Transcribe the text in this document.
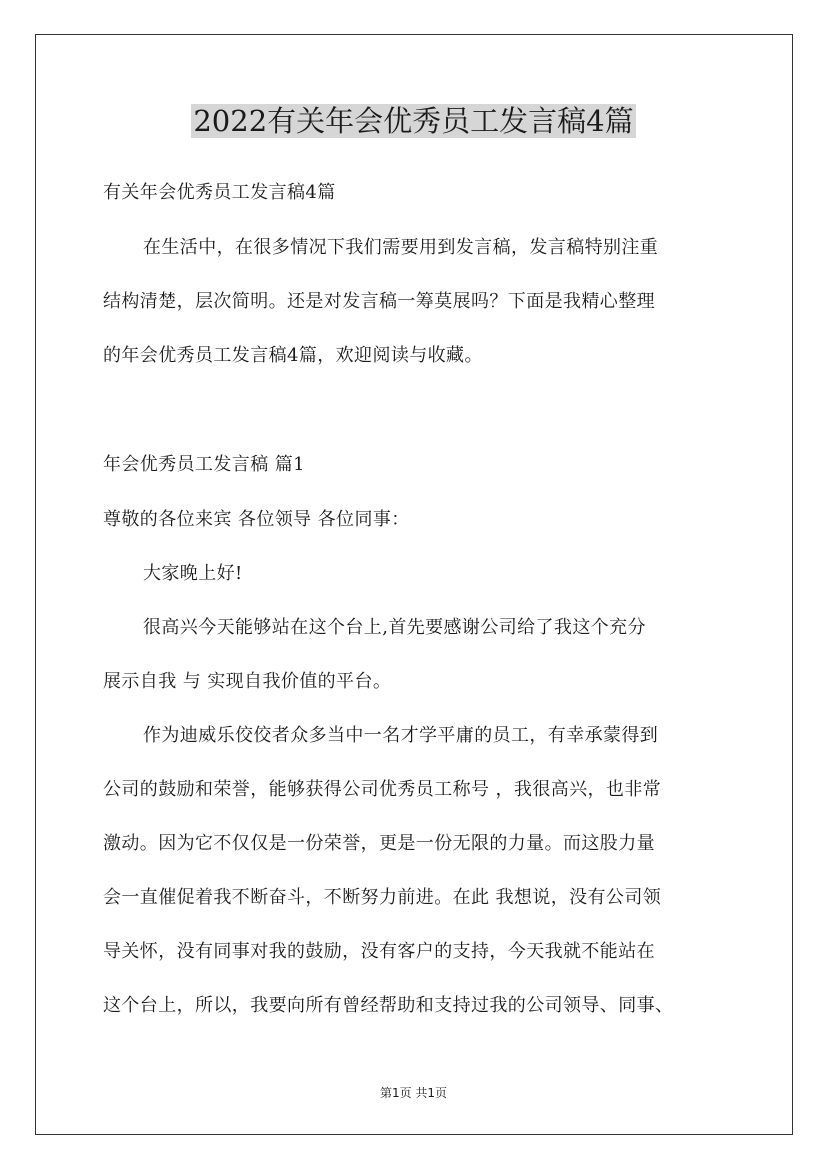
2022有关年会优秀员工发言稿4篇
有关年会优秀员工发言稿4篇
在生活中，在很多情况下我们需要用到发言稿，发言稿特别注重
结构清楚，层次简明。还是对发言稿一筹莫展吗？下面是我精心整理
的年会优秀员工发言稿4篇，欢迎阅读与收藏。
年会优秀员工发言稿 篇1
尊敬的各位来宾 各位领导 各位同事：
大家晚上好!
很高兴今天能够站在这个台上,首先要感谢公司给了我这个充分
展示自我 与 实现自我价值的平台。
作为迪威乐佼佼者众多当中一名才学平庸的员工，有幸承蒙得到
公司的鼓励和荣誉，能够获得公司优秀员工称号 ，我很高兴，也非常
激动。因为它不仅仅是一份荣誉，更是一份无限的力量。而这股力量
会一直催促着我不断奋斗，不断努力前进。在此 我想说，没有公司领
导关怀，没有同事对我的鼓励，没有客户的支持，今天我就不能站在
这个台上，所以，我要向所有曾经帮助和支持过我的公司领导、同事、
第1页 共1页
